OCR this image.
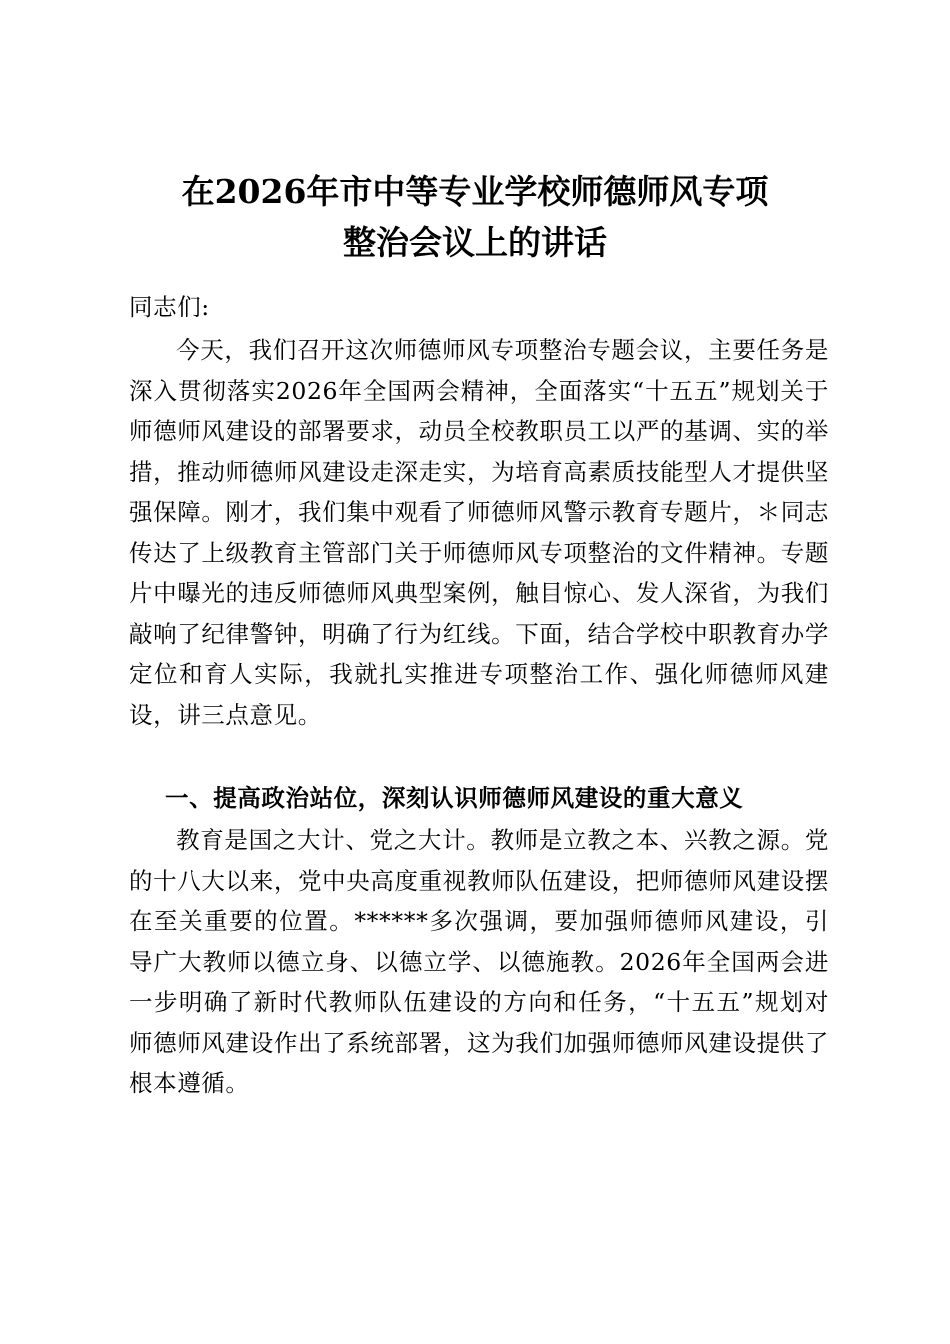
在2026年市中等专业学校师德师风专项
整治会议上的讲话

同志们:

今天，我们召开这次师德师风专项整治专题会议，主要任务是深入贯彻落实2026年全国两会精神，全面落实“十五五”规划关于师德师风建设的部署要求，动员全校教职员工以严的基调、实的举措，推动师德师风建设走深走实，为培育高素质技能型人才提供坚强保障。刚才，我们集中观看了师德师风警示教育专题片，＊同志传达了上级教育主管部门关于师德师风专项整治的文件精神。专题片中曝光的违反师德师风典型案例，触目惊心、发人深省，为我们敲响了纪律警钟，明确了行为红线。下面，结合学校中职教育办学定位和育人实际，我就扎实推进专项整治工作、强化师德师风建设，讲三点意见。

一、提高政治站位，深刻认识师德师风建设的重大意义

教育是国之大计、党之大计。教师是立教之本、兴教之源。党的十八大以来，党中央高度重视教师队伍建设，把师德师风建设摆在至关重要的位置。******多次强调，要加强师德师风建设，引导广大教师以德立身、以德立学、以德施教。2026年全国两会进一步明确了新时代教师队伍建设的方向和任务，“十五五”规划对师德师风建设作出了系统部署，这为我们加强师德师风建设提供了根本遵循。
